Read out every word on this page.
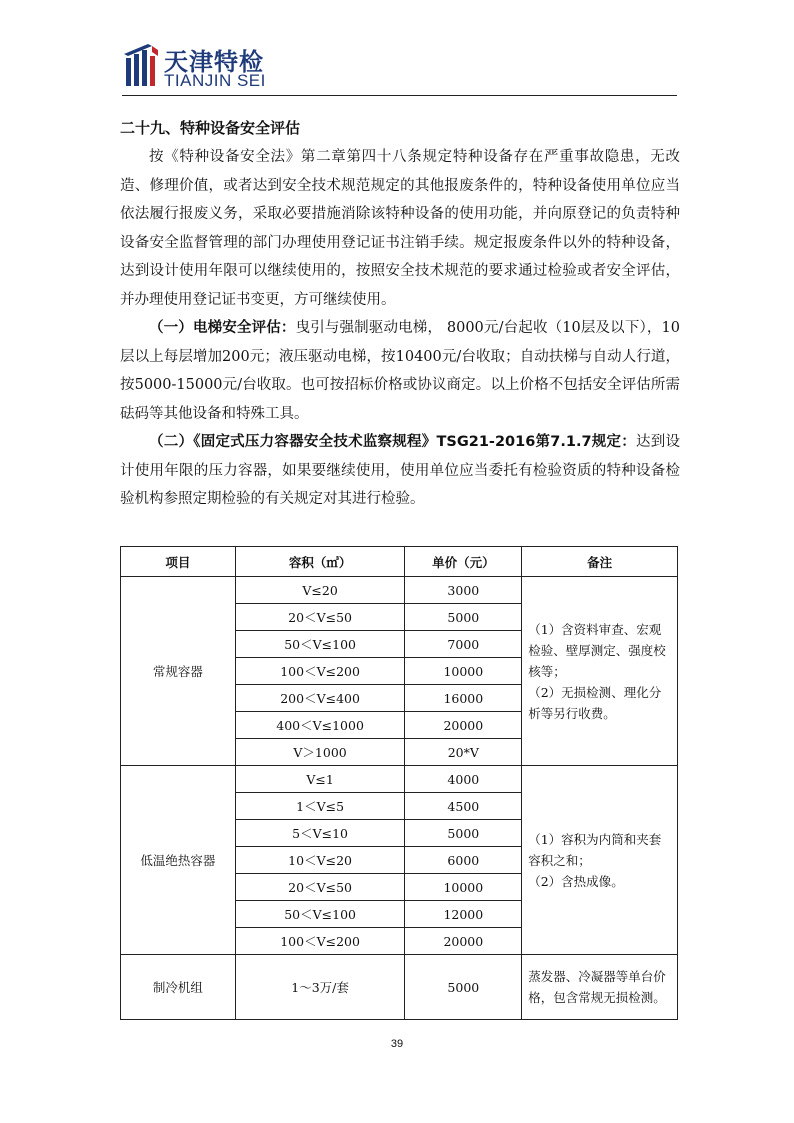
天津特检
TIANJIN SEI
二十九、特种设备安全评估

按《特种设备安全法》第二章第四十八条规定特种设备存在严重事故隐患，无改造、修理价值，或者达到安全技术规范规定的其他报废条件的，特种设备使用单位应当依法履行报废义务，采取必要措施消除该特种设备的使用功能，并向原登记的负责特种设备安全监督管理的部门办理使用登记证书注销手续。规定报废条件以外的特种设备，达到设计使用年限可以继续使用的，按照安全技术规范的要求通过检验或者安全评估，并办理使用登记证书变更，方可继续使用。

（一）电梯安全评估：曳引与强制驱动电梯， 8000元/台起收（10层及以下），10层以上每层增加200元；液压驱动电梯，按10400元/台收取；自动扶梯与自动人行道，按5000-15000元/台收取。也可按招标价格或协议商定。以上价格不包括安全评估所需砝码等其他设备和特殊工具。

（二）《固定式压力容器安全技术监察规程》TSG21-2016第7.1.7规定：达到设计使用年限的压力容器，如果要继续使用，使用单位应当委托有检验资质的特种设备检验机构参照定期检验的有关规定对其进行检验。

项目	容积（㎥）	单价（元）	备注
常规容器	V≤20	3000	（1）含资料审查、宏观检验、壁厚测定、强度校核等；
（2）无损检测、理化分析等另行收费。
	20＜V≤50	5000	
	50＜V≤100	7000	
	100＜V≤200	10000	
	200＜V≤400	16000	
	400＜V≤1000	20000	
	V＞1000	20*V	
低温绝热容器	V≤1	4000	（1）容积为内筒和夹套容积之和；
（2）含热成像。
	1＜V≤5	4500	
	5＜V≤10	5000	
	10＜V≤20	6000	
	20＜V≤50	10000	
	50＜V≤100	12000	
	100＜V≤200	20000	
制冷机组	1～3万/套	5000	蒸发器、冷凝器等单台价格，包含常规无损检测。
39
